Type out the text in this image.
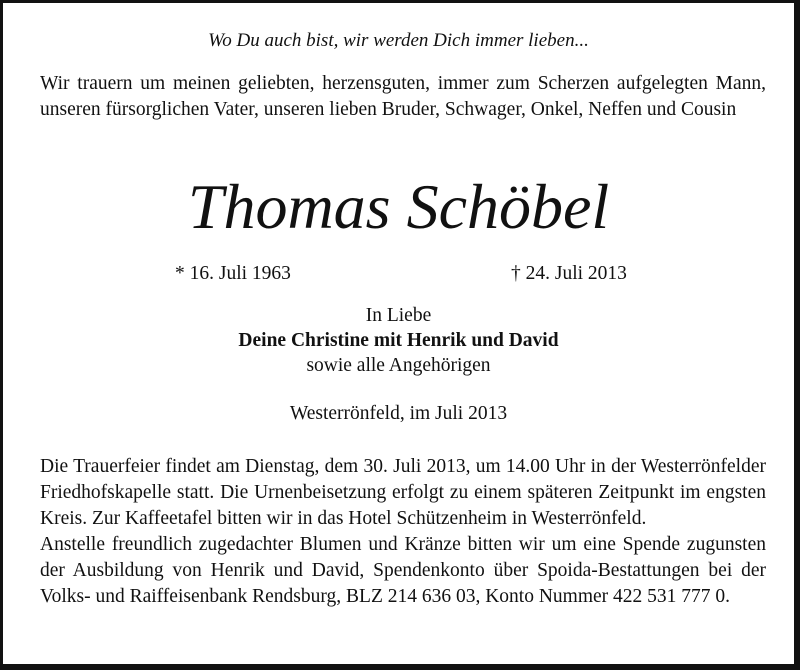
Wo Du auch bist, wir werden Dich immer lieben...
Wir trauern um meinen geliebten, herzensguten, immer zum Scherzen aufgelegten Mann, unseren fürsorglichen Vater, unseren lieben Bruder, Schwager, Onkel, Neffen und Cousin
Thomas Schöbel
* 16. Juli 1963	† 24. Juli 2013
In Liebe
Deine Christine mit Henrik und David
sowie alle Angehörigen
Westerrönfeld, im Juli 2013
Die Trauerfeier findet am Dienstag, dem 30. Juli 2013, um 14.00 Uhr in der Westerrönfelder Friedhofskapelle statt. Die Urnenbeisetzung erfolgt zu einem späteren Zeitpunkt im engsten Kreis. Zur Kaffeetafel bitten wir in das Hotel Schützenheim in Westerrönfeld.
Anstelle freundlich zugedachter Blumen und Kränze bitten wir um eine Spende zugunsten der Ausbildung von Henrik und David, Spendenkonto über Spoida-Bestattungen bei der Volks- und Raiffeisenbank Rendsburg, BLZ 214 636 03, Konto Nummer 422 531 777 0.
